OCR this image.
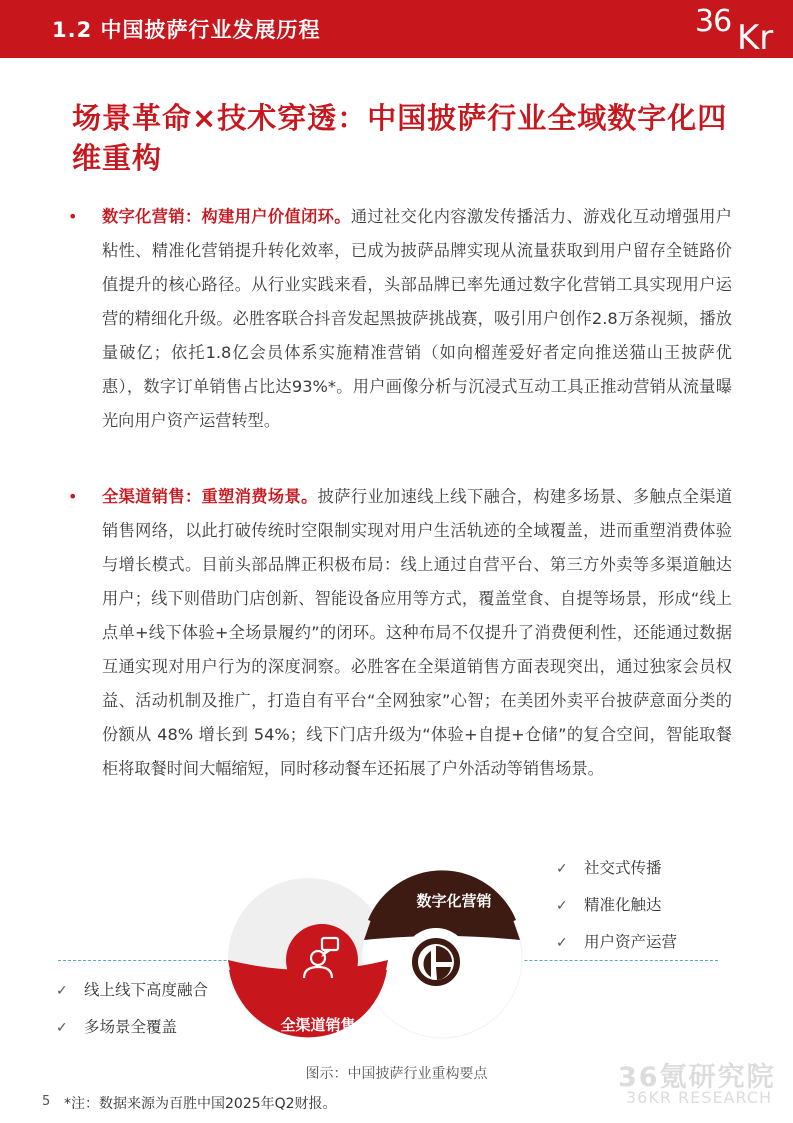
1.2 中国披萨行业发展历程	36 Kr
场景革命×技术穿透：中国披萨行业全域数字化四维重构
• 数字化营销：构建用户价值闭环。通过社交化内容激发传播活力、游戏化互动增强用户粘性、精准化营销提升转化效率，已成为披萨品牌实现从流量获取到用户留存全链路价值提升的核心路径。从行业实践来看，头部品牌已率先通过数字化营销工具实现用户运营的精细化升级。必胜客联合抖音发起黑披萨挑战赛，吸引用户创作2.8万条视频，播放量破亿；依托1.8亿会员体系实施精准营销（如向榴莲爱好者定向推送猫山王披萨优惠），数字订单销售占比达93%*。用户画像分析与沉浸式互动工具正推动营销从流量曝光向用户资产运营转型。
• 全渠道销售：重塑消费场景。披萨行业加速线上线下融合，构建多场景、多触点全渠道销售网络，以此打破传统时空限制实现对用户生活轨迹的全域覆盖，进而重塑消费体验与增长模式。目前头部品牌正积极布局：线上通过自营平台、第三方外卖等多渠道触达用户；线下则借助门店创新、智能设备应用等方式，覆盖堂食、自提等场景，形成“线上点单+线下体验+全场景履约”的闭环。这种布局不仅提升了消费便利性，还能通过数据互通实现对用户行为的深度洞察。必胜客在全渠道销售方面表现突出，通过独家会员权益、活动机制及推广，打造自有平台“全网独家”心智；在美团外卖平台披萨意面分类的份额从 48% 增长到 54%；线下门店升级为“体验+自提+仓储”的复合空间，智能取餐柜将取餐时间大幅缩短，同时移动餐车还拓展了户外活动等销售场景。
数字化营销
全渠道销售
✓ 社交式传播
✓ 精准化触达
✓ 用户资产运营
✓ 线上线下高度融合
✓ 多场景全覆盖
图示：中国披萨行业重构要点	36氪研究院
36KR RESEARCH
5 *注：数据来源为百胜中国2025年Q2财报。
